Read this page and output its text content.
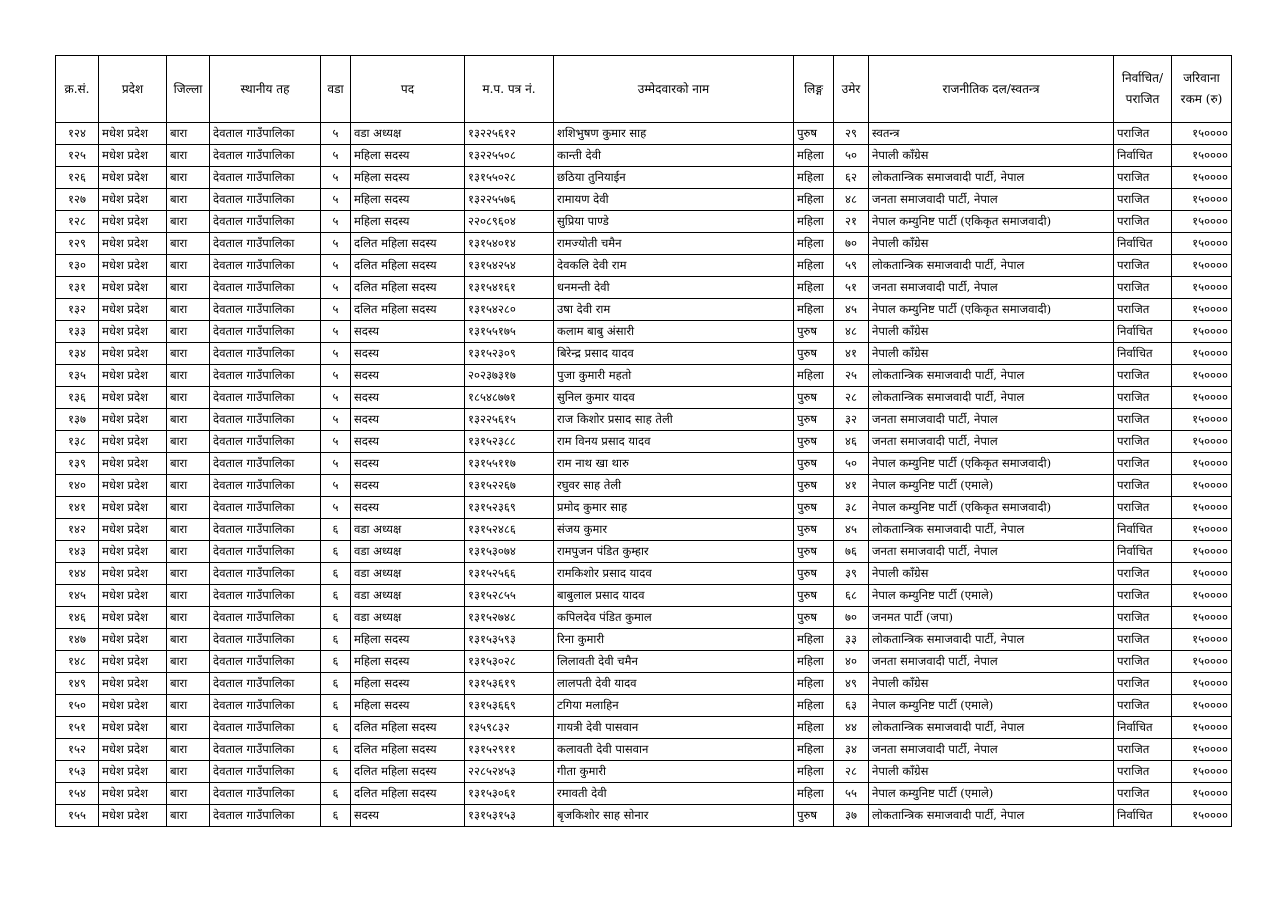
क्र.सं.	प्रदेश	जिल्ला	स्थानीय तह	वडा	पद	म.प. पत्र नं.	उम्मेदवारको नाम	लिङ्ग	उमेर	राजनीतिक दल/स्वतन्त्र	निर्वाचित/ पराजित	जरिवाना रकम (रु)
१२४	मधेश प्रदेश	बारा	देवताल गाउँपालिका	५	वडा अध्यक्ष	१३२२५६१२	शशिभुषण कुमार साह	पुरुष	२९	स्वतन्त्र	पराजित	१५००००
१२५	मधेश प्रदेश	बारा	देवताल गाउँपालिका	५	महिला सदस्य	१३२२५५०८	कान्ती देवी	महिला	५०	नेपाली काँग्रेस	निर्वाचित	१५००००
१२६	मधेश प्रदेश	बारा	देवताल गाउँपालिका	५	महिला सदस्य	१३१५५०२८	छठिया तुनियाईन	महिला	६२	लोकतान्त्रिक समाजवादी पार्टी, नेपाल	पराजित	१५००००
१२७	मधेश प्रदेश	बारा	देवताल गाउँपालिका	५	महिला सदस्य	१३२२५५७६	रामायण देवी	महिला	४८	जनता समाजवादी पार्टी, नेपाल	पराजित	१५००००
१२८	मधेश प्रदेश	बारा	देवताल गाउँपालिका	५	महिला सदस्य	२२०८९६०४	सुप्रिया पाण्डे	महिला	२१	नेपाल कम्युनिष्ट पार्टी (एकिकृत समाजवादी)	पराजित	१५००००
१२९	मधेश प्रदेश	बारा	देवताल गाउँपालिका	५	दलित महिला सदस्य	१३१५४०१४	रामज्योती चमैन	महिला	७०	नेपाली काँग्रेस	निर्वाचित	१५००००
१३०	मधेश प्रदेश	बारा	देवताल गाउँपालिका	५	दलित महिला सदस्य	१३१५४२५४	देवकलि देवी राम	महिला	५९	लोकतान्त्रिक समाजवादी पार्टी, नेपाल	पराजित	१५००००
१३१	मधेश प्रदेश	बारा	देवताल गाउँपालिका	५	दलित महिला सदस्य	१३१५४१६१	धनमन्ती देवी	महिला	५१	जनता समाजवादी पार्टी, नेपाल	पराजित	१५००००
१३२	मधेश प्रदेश	बारा	देवताल गाउँपालिका	५	दलित महिला सदस्य	१३१५४२८०	उषा देवी राम	महिला	४५	नेपाल कम्युनिष्ट पार्टी (एकिकृत समाजवादी)	पराजित	१५००००
१३३	मधेश प्रदेश	बारा	देवताल गाउँपालिका	५	सदस्य	१३१५५१७५	कलाम बाबु अंसारी	पुरुष	४८	नेपाली काँग्रेस	निर्वाचित	१५००००
१३४	मधेश प्रदेश	बारा	देवताल गाउँपालिका	५	सदस्य	१३१५२३०९	बिरेन्द्र प्रसाद यादव	पुरुष	४१	नेपाली काँग्रेस	निर्वाचित	१५००००
१३५	मधेश प्रदेश	बारा	देवताल गाउँपालिका	५	सदस्य	२०२३७३१७	पुजा कुमारी महतो	महिला	२५	लोकतान्त्रिक समाजवादी पार्टी, नेपाल	पराजित	१५००००
१३६	मधेश प्रदेश	बारा	देवताल गाउँपालिका	५	सदस्य	१८५४८७७१	सुनिल कुमार यादव	पुरुष	२८	लोकतान्त्रिक समाजवादी पार्टी, नेपाल	पराजित	१५००००
१३७	मधेश प्रदेश	बारा	देवताल गाउँपालिका	५	सदस्य	१३२२५६१५	राज किशोर प्रसाद साह तेली	पुरुष	३२	जनता समाजवादी पार्टी, नेपाल	पराजित	१५००००
१३८	मधेश प्रदेश	बारा	देवताल गाउँपालिका	५	सदस्य	१३१५२३८८	राम विनय प्रसाद यादव	पुरुष	४६	जनता समाजवादी पार्टी, नेपाल	पराजित	१५००००
१३९	मधेश प्रदेश	बारा	देवताल गाउँपालिका	५	सदस्य	१३१५५११७	राम नाथ खा थारु	पुरुष	५०	नेपाल कम्युनिष्ट पार्टी (एकिकृत समाजवादी)	पराजित	१५००००
१४०	मधेश प्रदेश	बारा	देवताल गाउँपालिका	५	सदस्य	१३१५२२६७	रघुवर साह तेली	पुरुष	४१	नेपाल कम्युनिष्ट पार्टी (एमाले)	पराजित	१५००००
१४१	मधेश प्रदेश	बारा	देवताल गाउँपालिका	५	सदस्य	१३१५२३६९	प्रमोद कुमार साह	पुरुष	३८	नेपाल कम्युनिष्ट पार्टी (एकिकृत समाजवादी)	पराजित	१५००००
१४२	मधेश प्रदेश	बारा	देवताल गाउँपालिका	६	वडा अध्यक्ष	१३१५२४८६	संजय कुमार	पुरुष	४५	लोकतान्त्रिक समाजवादी पार्टी, नेपाल	निर्वाचित	१५००००
१४३	मधेश प्रदेश	बारा	देवताल गाउँपालिका	६	वडा अध्यक्ष	१३१५३०७४	रामपुजन पंडित कुम्हार	पुरुष	७६	जनता समाजवादी पार्टी, नेपाल	निर्वाचित	१५००००
१४४	मधेश प्रदेश	बारा	देवताल गाउँपालिका	६	वडा अध्यक्ष	१३१५२५६६	रामकिशोर प्रसाद यादव	पुरुष	३९	नेपाली काँग्रेस	पराजित	१५००००
१४५	मधेश प्रदेश	बारा	देवताल गाउँपालिका	६	वडा अध्यक्ष	१३१५२८५५	बाबुलाल प्रसाद यादव	पुरुष	६८	नेपाल कम्युनिष्ट पार्टी (एमाले)	पराजित	१५००००
१४६	मधेश प्रदेश	बारा	देवताल गाउँपालिका	६	वडा अध्यक्ष	१३१५२७४८	कपिलदेव पंडित कुमाल	पुरुष	७०	जनमत पार्टी (जपा)	पराजित	१५००००
१४७	मधेश प्रदेश	बारा	देवताल गाउँपालिका	६	महिला सदस्य	१३१५३५९३	रिना कुमारी	महिला	३३	लोकतान्त्रिक समाजवादी पार्टी, नेपाल	पराजित	१५००००
१४८	मधेश प्रदेश	बारा	देवताल गाउँपालिका	६	महिला सदस्य	१३१५३०२८	लिलावती देवी चमैन	महिला	४०	जनता समाजवादी पार्टी, नेपाल	पराजित	१५००००
१४९	मधेश प्रदेश	बारा	देवताल गाउँपालिका	६	महिला सदस्य	१३१५३६१९	लालपती देवी यादव	महिला	४९	नेपाली काँग्रेस	पराजित	१५००००
१५०	मधेश प्रदेश	बारा	देवताल गाउँपालिका	६	महिला सदस्य	१३१५३६६९	टगिया मलाहिन	महिला	६३	नेपाल कम्युनिष्ट पार्टी (एमाले)	पराजित	१५००००
१५१	मधेश प्रदेश	बारा	देवताल गाउँपालिका	६	दलित महिला सदस्य	१३५९८३२	गायत्री देवी पासवान	महिला	४४	लोकतान्त्रिक समाजवादी पार्टी, नेपाल	निर्वाचित	१५००००
१५२	मधेश प्रदेश	बारा	देवताल गाउँपालिका	६	दलित महिला सदस्य	१३१५२९११	कलावती देवी पासवान	महिला	३४	जनता समाजवादी पार्टी, नेपाल	पराजित	१५००००
१५३	मधेश प्रदेश	बारा	देवताल गाउँपालिका	६	दलित महिला सदस्य	२२८५२४५३	गीता कुमारी	महिला	२८	नेपाली काँग्रेस	पराजित	१५००००
१५४	मधेश प्रदेश	बारा	देवताल गाउँपालिका	६	दलित महिला सदस्य	१३१५३०६१	रमावती देवी	महिला	५५	नेपाल कम्युनिष्ट पार्टी (एमाले)	पराजित	१५००००
१५५	मधेश प्रदेश	बारा	देवताल गाउँपालिका	६	सदस्य	१३१५३१५३	बृजकिशोर साह सोनार	पुरुष	३७	लोकतान्त्रिक समाजवादी पार्टी, नेपाल	निर्वाचित	१५००००
